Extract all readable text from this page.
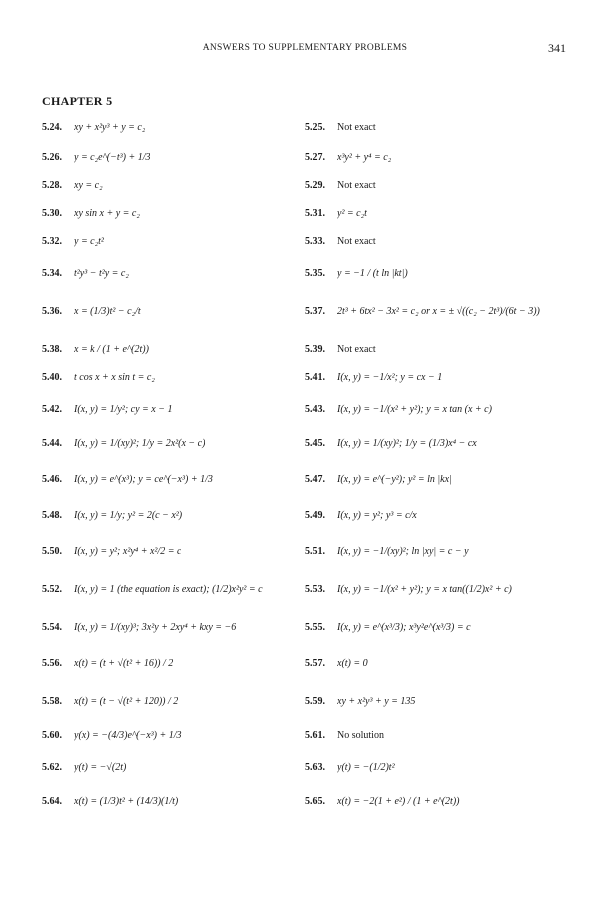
ANSWERS TO SUPPLEMENTARY PROBLEMS	341
CHAPTER 5
5.24.	xy + x²y³ + y = c₂	5.25.	Not exact
5.26.	y = c₂e^(−t³) + 1/3	5.27.	x³y² + y⁴ = c₂
5.28.	xy = c₂	5.29.	Not exact
5.30.	xy sin x + y = c₂	5.31.	y² = c₂t
5.32.	y = c₂t²	5.33.	Not exact
5.34.	t²y³ − t²y = c₂	5.35.	y = −1 / (t ln |kt|)
5.36.	x = (1/3)t² − c₂/t	5.37.	2t³ + 6tx² − 3x² = c₂ or x = ± √((c₂ − 2t³)/(6t − 3))
5.38.	x = k / (1 + e^(2t))	5.39.	Not exact
5.40.	t cos x + x sin t = c₂	5.41.	I(x, y) = −1/x²; y = cx − 1
5.42.	I(x, y) = 1/y²; cy = x − 1	5.43.	I(x, y) = −1/(x² + y²); y = x tan (x + c)
5.44.	I(x, y) = 1/(xy)²; 1/y = 2x²(x − c)	5.45.	I(x, y) = 1/(xy)²; 1/y = (1/3)x⁴ − cx
5.46.	I(x, y) = e^(x³); y = ce^(−x³) + 1/3	5.47.	I(x, y) = e^(−y²); y² = ln |kx|
5.48.	I(x, y) = 1/y; y² = 2(c − x²)	5.49.	I(x, y) = y²; y³ = c/x
5.50.	I(x, y) = y²; x²y⁴ + x²/2 = c	5.51.	I(x, y) = −1/(xy)²; ln |xy| = c − y
5.52.	I(x, y) = 1 (the equation is exact); (1/2)x²y² = c	5.53.	I(x, y) = −1/(x² + y²); y = x tan((1/2)x² + c)
5.54.	I(x, y) = 1/(xy)³; 3x²y + 2xy⁴ + kxy = −6	5.55.	I(x, y) = e^(x³/3); x³y²e^(x³/3) = c
5.56.	x(t) = (t + √(t² + 16)) / 2	5.57.	x(t) = 0
5.58.	x(t) = (t − √(t² + 120)) / 2	5.59.	xy + x²y³ + y = 135
5.60.	y(x) = −(4/3)e^(−x³) + 1/3	5.61.	No solution
5.62.	y(t) = −√(2t)	5.63.	y(t) = −(1/2)t²
5.64.	x(t) = (1/3)t² + (14/3)(1/t)	5.65.	x(t) = −2(1 + e²) / (1 + e^(2t))
